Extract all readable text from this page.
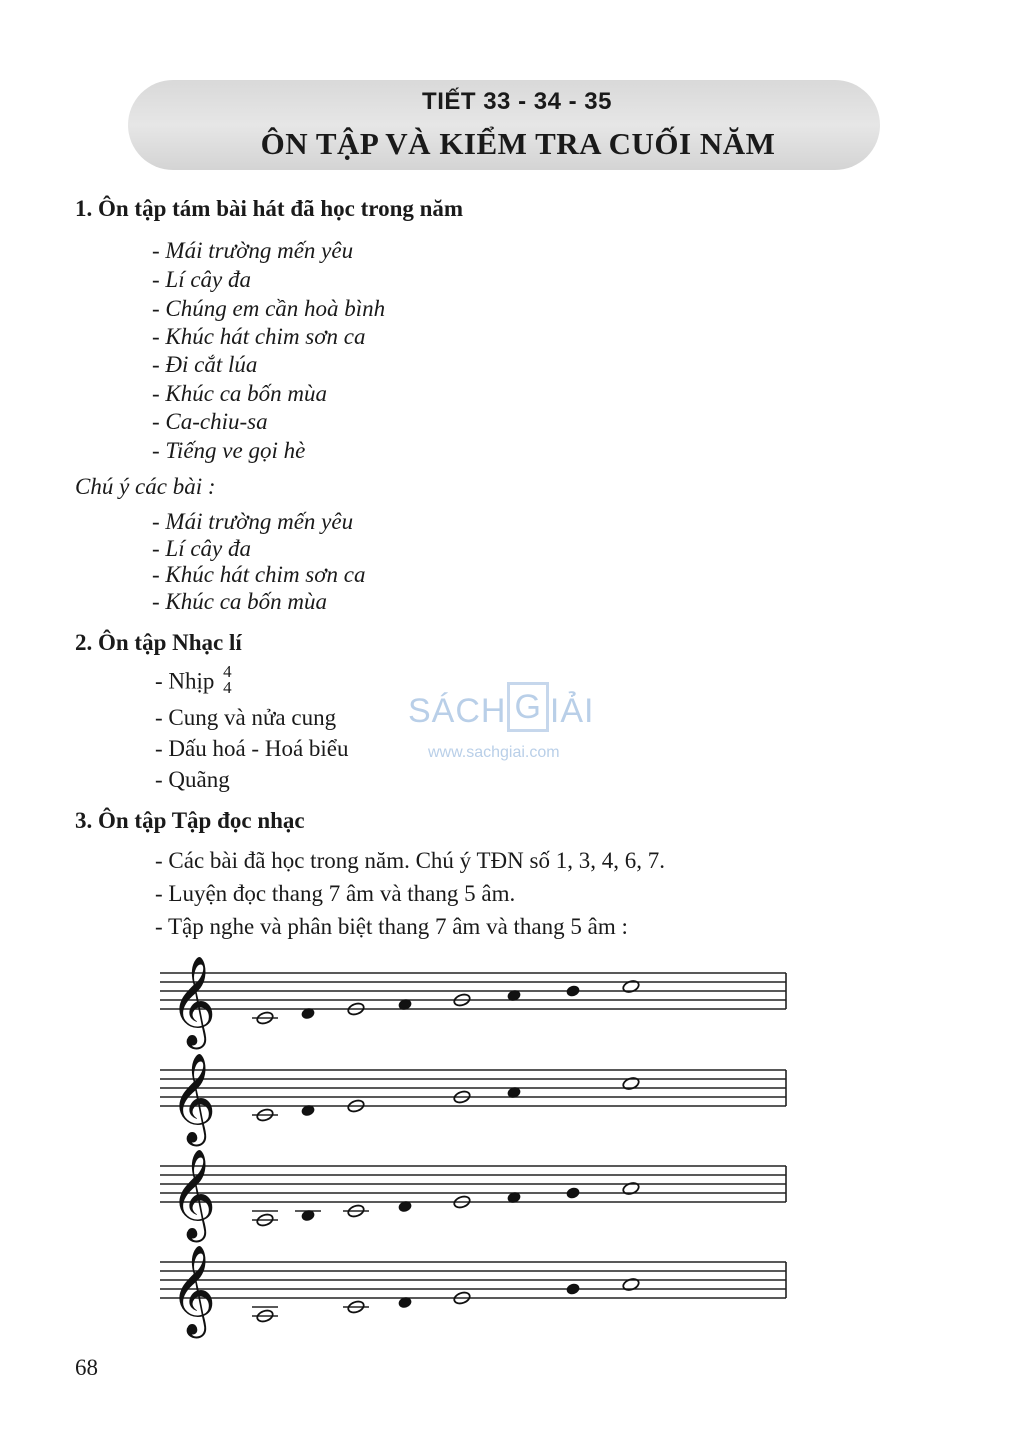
TIẾT 33 - 34 - 35
ÔN TẬP VÀ KIỂM TRA CUỐI NĂM
1. Ôn tập tám bài hát đã học trong năm
- Mái trường mến yêu
- Lí cây đa
- Chúng em cần hoà bình
- Khúc hát chim sơn ca
- Đi cắt lúa
- Khúc ca bốn mùa
- Ca-chiu-sa
- Tiếng ve gọi hè
Chú ý các bài :
- Mái trường mến yêu
- Lí cây đa
- Khúc hát chim sơn ca
- Khúc ca bốn mùa
2. Ôn tập Nhạc lí
- Nhịp 4
4
- Cung và nửa cung
- Dấu hoá - Hoá biểu
- Quãng
SÁCH G IẢI
www.sachgiai.com
3. Ôn tập Tập đọc nhạc
- Các bài đã học trong năm. Chú ý TĐN số 1, 3, 4, 6, 7.
- Luyện đọc thang 7 âm và thang 5 âm.
- Tập nghe và phân biệt thang 7 âm và thang 5 âm :
𝄞
𝄞
𝄞
𝄞
68
